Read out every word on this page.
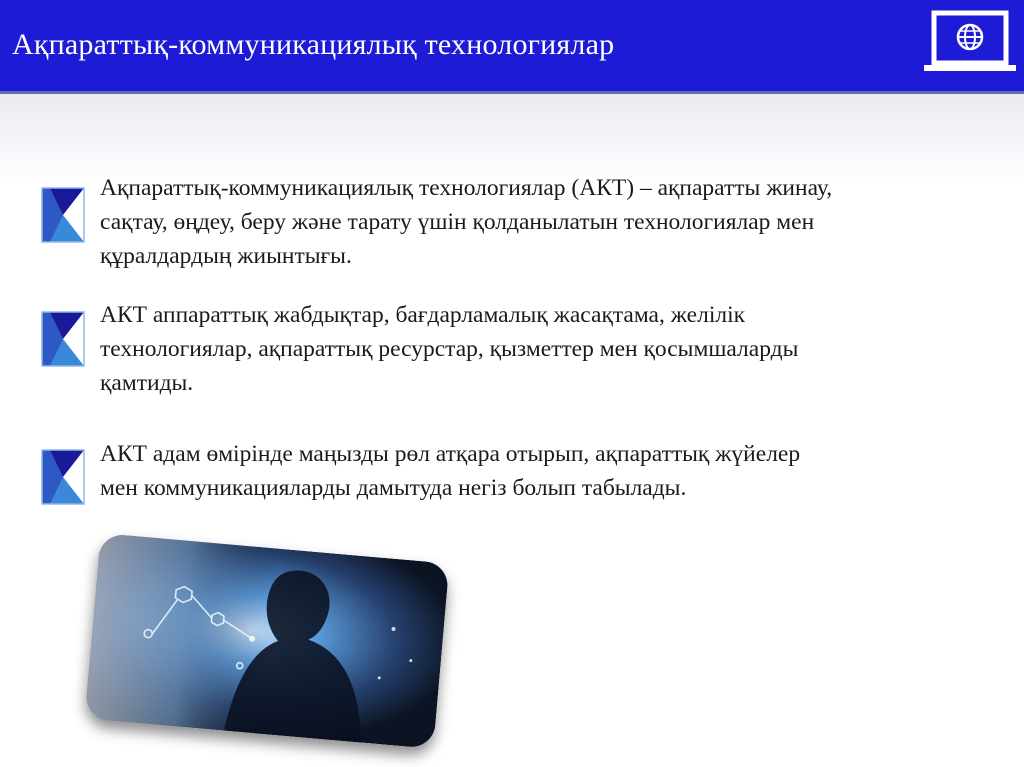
Ақпараттық-коммуникациялық технологиялар
Ақпараттық-коммуникациялық технологиялар (АКТ) – ақпаратты жинау, сақтау, өңдеу, беру және тарату үшін қолданылатын технологиялар мен құралдардың жиынтығы.
АКТ аппараттық жабдықтар, бағдарламалық жасақтама, желілік технологиялар, ақпараттық ресурстар, қызметтер мен қосымшаларды қамтиды.
АКТ адам өмірінде маңызды рөл атқара отырып, ақпараттық жүйелер мен коммуникацияларды дамытуда негіз болып табылады.
